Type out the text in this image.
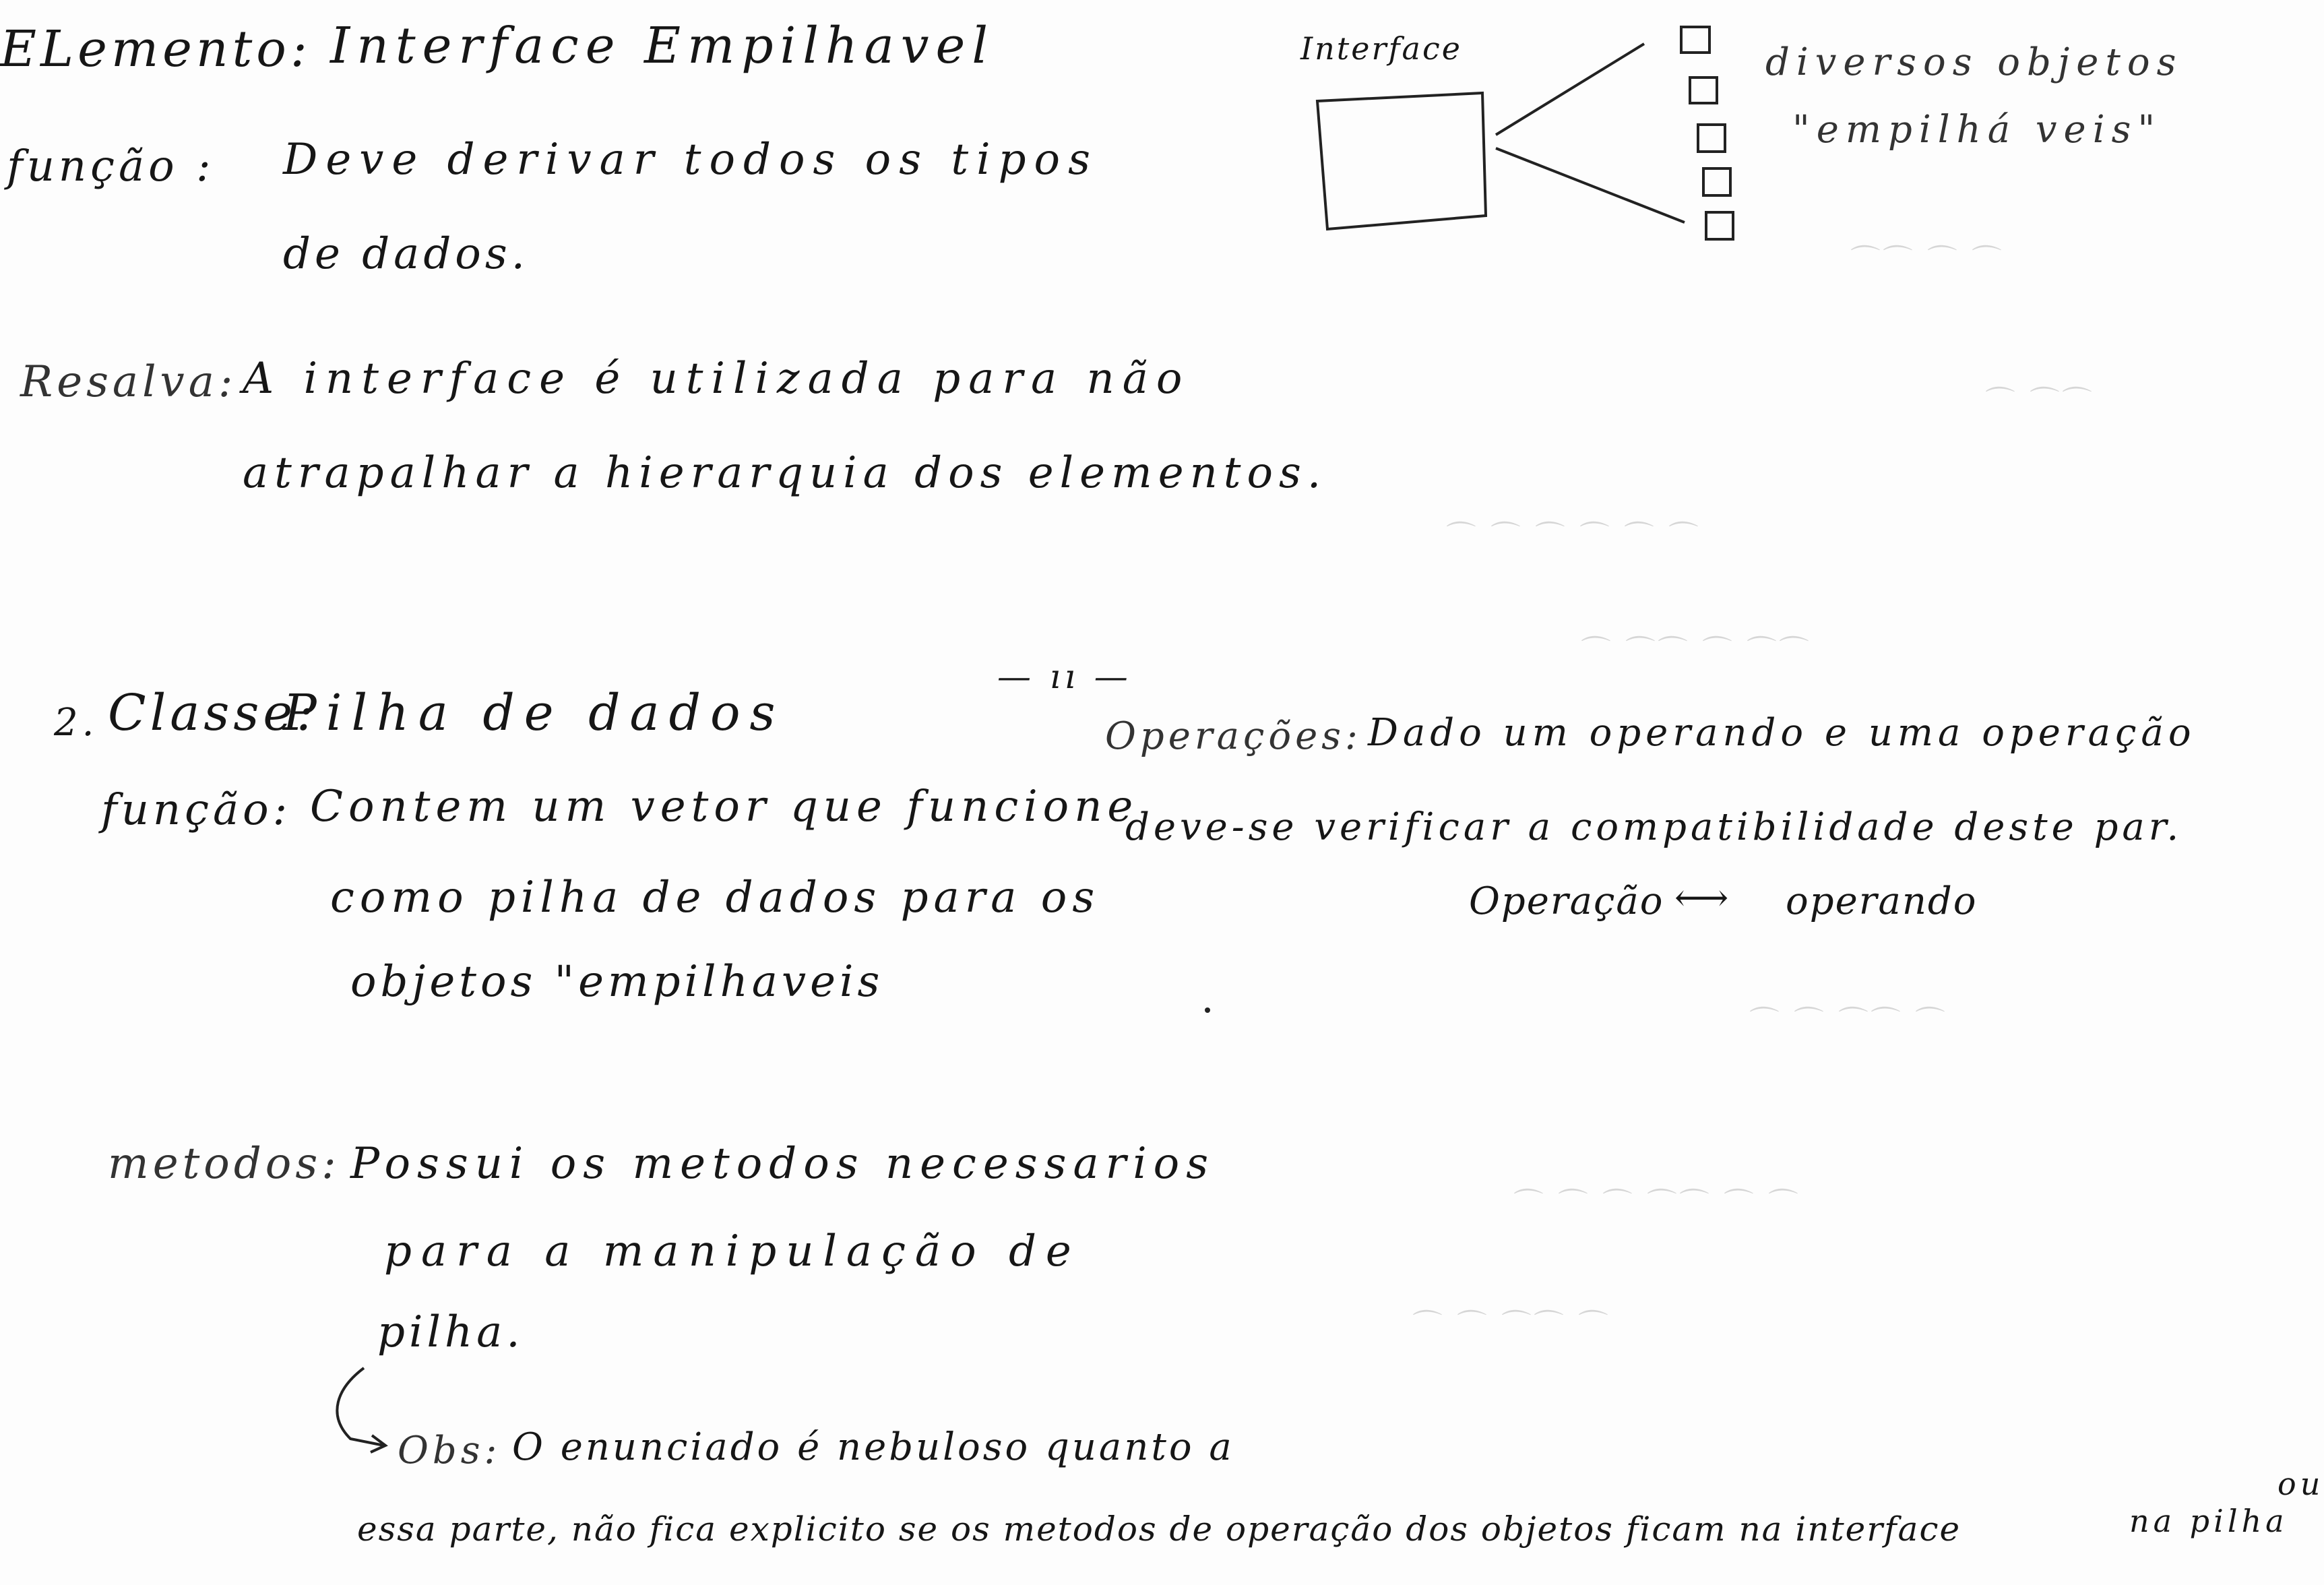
⌒ ⌒ ⌒ ⌒ ⌒ ⌒
⌒⌒ ⌒ ⌒⌒ ⌒
⌒ ⌒⌒ ⌒ ⌒
⌒ ⌒ ⌒⌒ ⌒ ⌒ ⌒
⌒ ⌒⌒ ⌒ ⌒
⌒ ⌒ ⌒⌒
⌒⌒ ⌒
ELemento: Interface Empilhavel
função : Deve derivar todos os tipos
de dados.
Resalva: A interface é utilizada para não
atrapalhar a hierarquia dos elementos.
Interface	diversos objetos
"empilhá veis"
— ıı —
2. Classe:
Pilha de dados
função: Contem um vetor que funcione
como pilha de dados para os
objetos "empilhaveis
Operações: Dado um operando e uma operação
deve-se verificar a compatibilidade deste par.
Operação ⟷ operando
metodos: Possui os metodos necessarios
para a manipulação de
pilha.
Obs: O enunciado é nebuloso quanto a
essa parte, não fica explicito se os metodos de operação dos objetos ficam na interface
ou
na pilha
